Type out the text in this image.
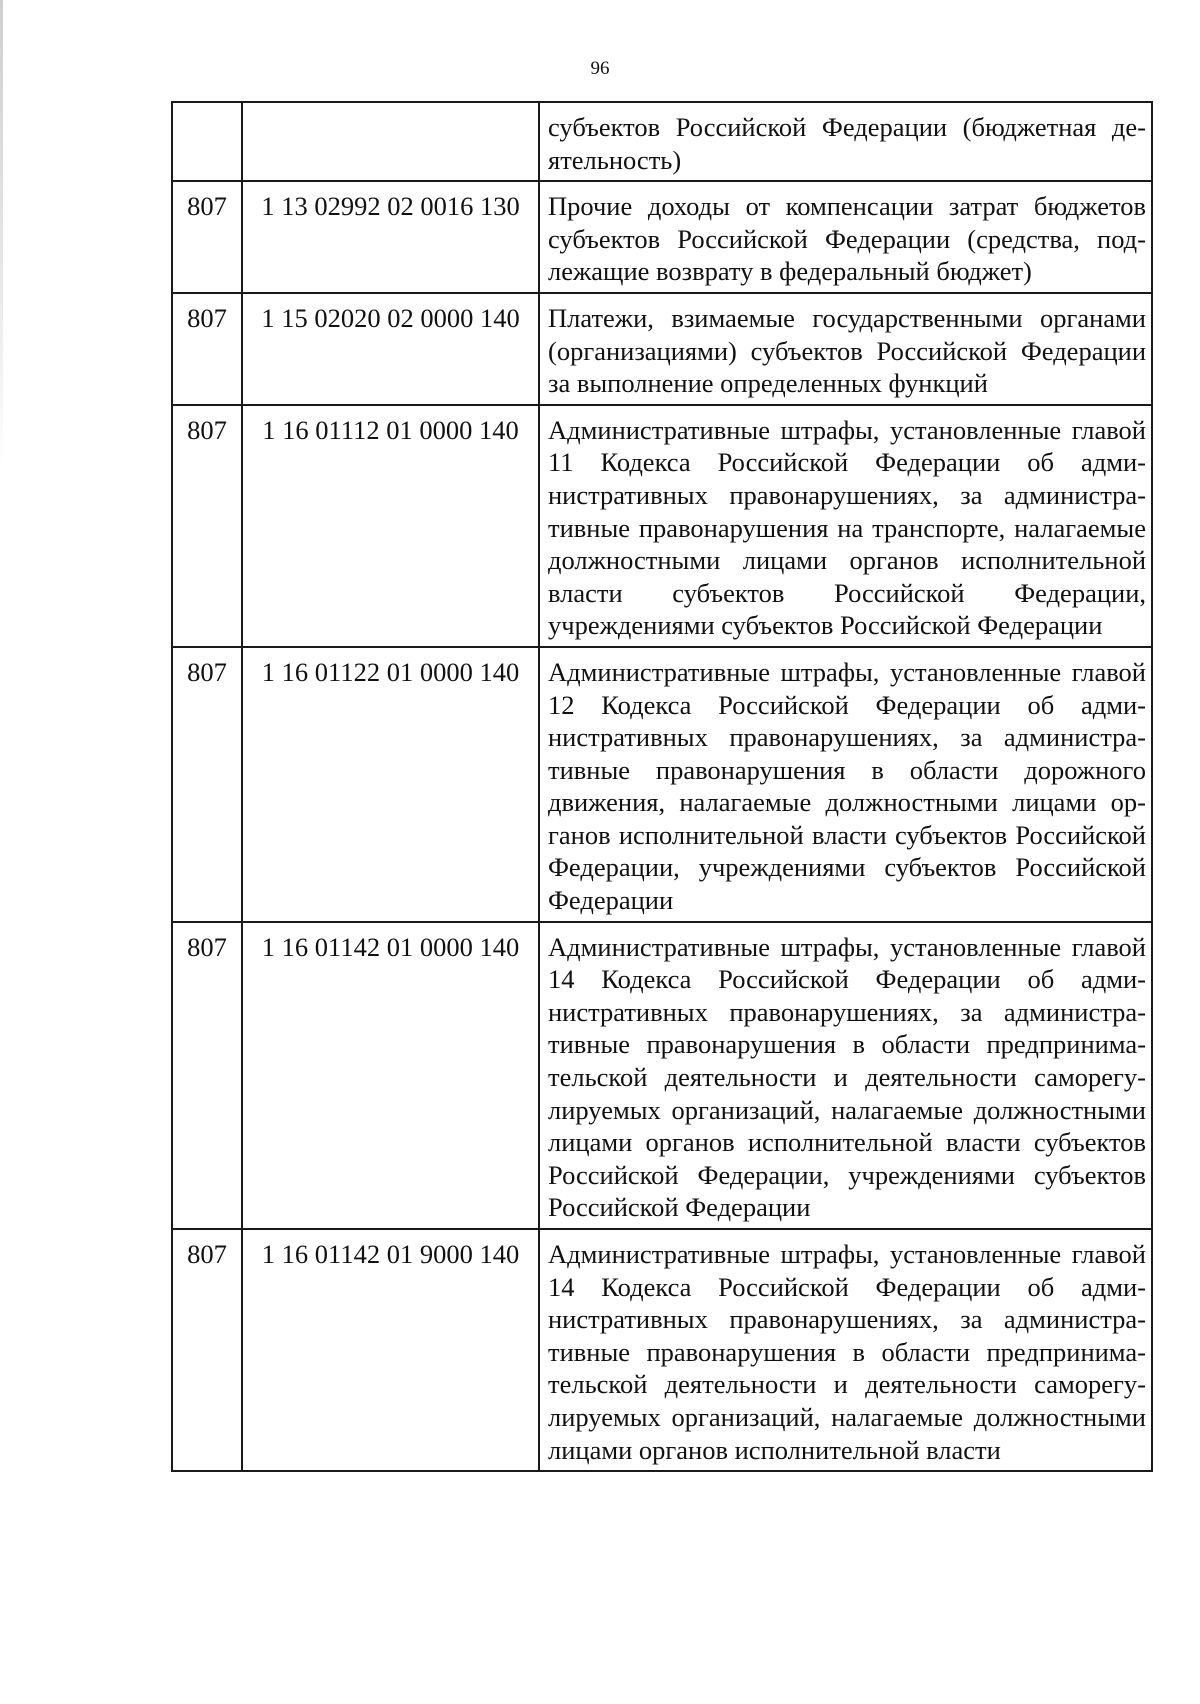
96
		субъектов Российской Федерации (бюджетная деятельность)
807	1 13 02992 02 0016 130	Прочие доходы от компенсации затрат бюджетов субъектов Российской Федерации (средства, подлежащие возврату в федеральный бюджет)
807	1 15 02020 02 0000 140	Платежи, взимаемые государственными органами (организациями) субъектов Российской Федерации за выполнение определенных функций
807	1 16 01112 01 0000 140	Административные штрафы, установленные главой 11 Кодекса Российской Федерации об административных правонарушениях, за административные правонарушения на транспорте, налагаемые должностными лицами органов исполнительной власти субъектов Российской Федерации, учреждениями субъектов Российской Федерации
807	1 16 01122 01 0000 140	Административные штрафы, установленные главой 12 Кодекса Российской Федерации об административных правонарушениях, за административные правонарушения в области дорожного движения, налагаемые должностными лицами органов исполнительной власти субъектов Российской Федерации, учреждениями субъектов Российской Федерации
807	1 16 01142 01 0000 140	Административные штрафы, установленные главой 14 Кодекса Российской Федерации об административных правонарушениях, за административные правонарушения в области предпринимательской деятельности и деятельности саморегулируемых организаций, налагаемые должностными лицами органов исполнительной власти субъектов Российской Федерации, учреждениями субъектов Российской Федерации
807	1 16 01142 01 9000 140	Административные штрафы, установленные главой 14 Кодекса Российской Федерации об административных правонарушениях, за административные правонарушения в области предпринимательской деятельности и деятельности саморегулируемых организаций, налагаемые должностными лицами органов исполнительной власти
